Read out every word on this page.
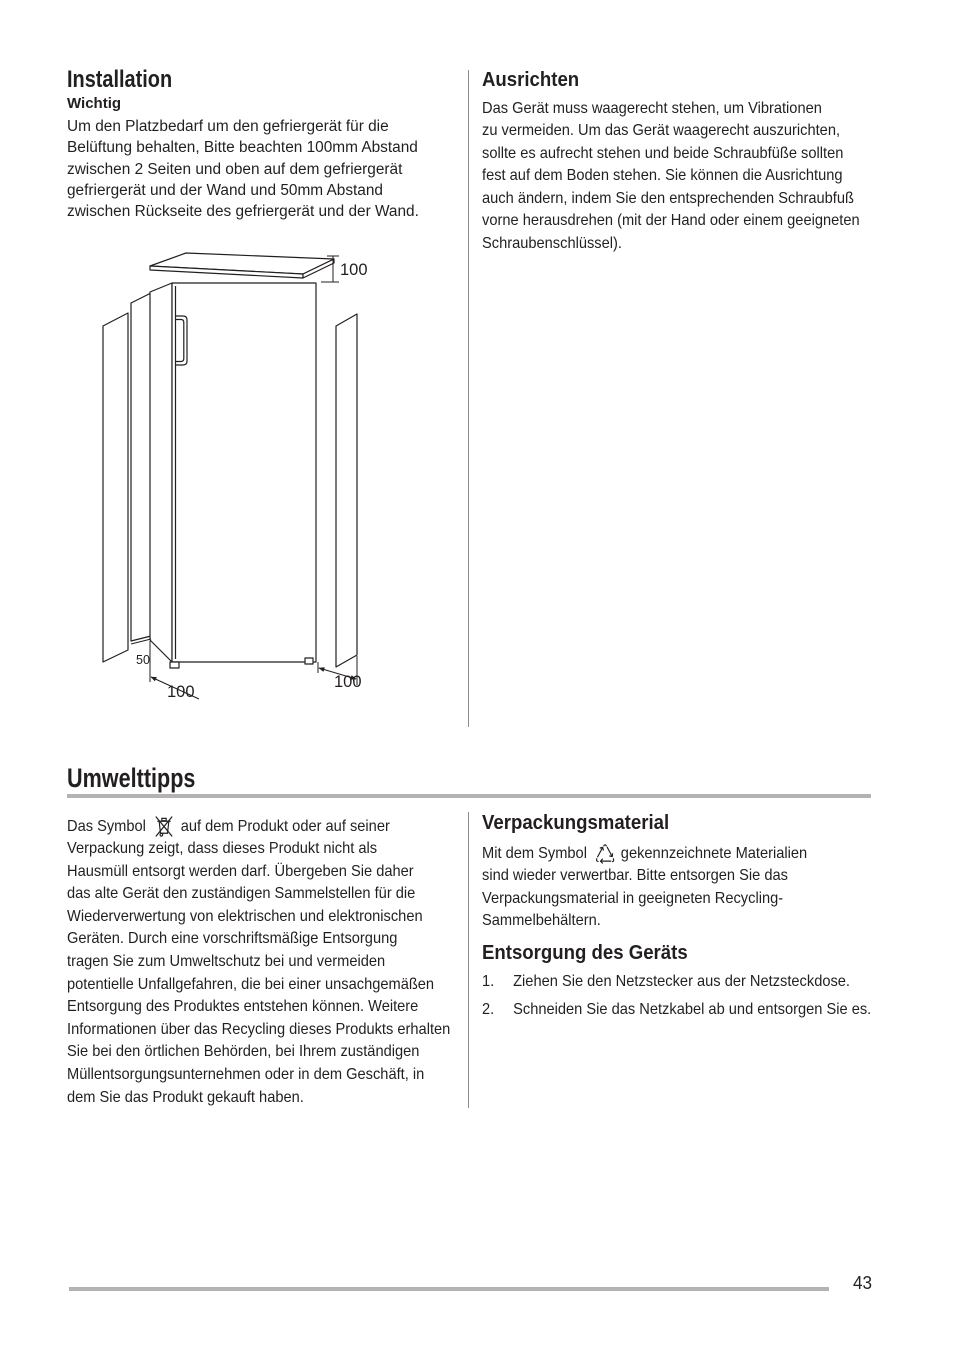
Installation
Wichtig
Um den Platzbedarf um den gefriergerät für die
Belüftung behalten, Bitte beachten 100mm Abstand
zwischen 2 Seiten und oben auf dem gefriergerät
gefriergerät und der Wand und 50mm Abstand
zwischen Rückseite des gefriergerät und der Wand.
100
50
100
100
Ausrichten
Das Gerät muss waagerecht stehen, um Vibrationen
zu vermeiden. Um das Gerät waagerecht auszurichten,
sollte es aufrecht stehen und beide Schraubfüße sollten
fest auf dem Boden stehen. Sie können die Ausrichtung
auch ändern, indem Sie den entsprechenden Schraubfuß
vorne herausdrehen (mit der Hand oder einem geeigneten
Schraubenschlüssel).
Umwelttipps
Das Symbol auf dem Produkt oder auf seiner
Verpackung zeigt, dass dieses Produkt nicht als
Hausmüll entsorgt werden darf. Übergeben Sie daher
das alte Gerät den zuständigen Sammelstellen für die
Wiederverwertung von elektrischen und elektronischen
Geräten. Durch eine vorschriftsmäßige Entsorgung
tragen Sie zum Umweltschutz bei und vermeiden
potentielle Unfallgefahren, die bei einer unsachgemäßen
Entsorgung des Produktes entstehen können. Weitere
Informationen über das Recycling dieses Produkts erhalten
Sie bei den örtlichen Behörden, bei Ihrem zuständigen
Müllentsorgungsunternehmen oder in dem Geschäft, in
dem Sie das Produkt gekauft haben.
Verpackungsmaterial
Mit dem Symbol gekennzeichnete Materialien
sind wieder verwertbar. Bitte entsorgen Sie das
Verpackungsmaterial in geeigneten Recycling-
Sammelbehältern.
Entsorgung des Geräts
1.	Ziehen Sie den Netzstecker aus der Netzsteckdose.
2.	Schneiden Sie das Netzkabel ab und entsorgen Sie es.
43
